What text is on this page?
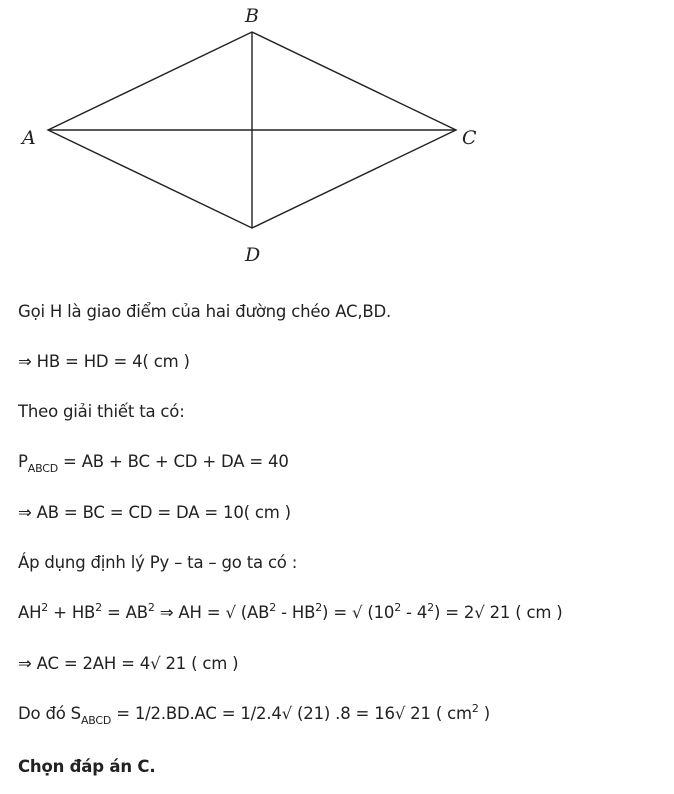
B
A	C
D
Gọi H là giao điểm của hai đường chéo AC,BD.
⇒ HB = HD = 4( cm )
Theo giải thiết ta có:
$P_{ABCD}$ = AB + BC + CD + DA = 40
⇒ AB = BC = CD = DA = 10( cm )
Áp dụng định lý Py – ta – go ta có :
$AH^2 + HB^2 = AB^2$ ⇒ AH = √ $(AB^2 - HB^2)$ = √ $(10^2 - 4^2) = 2√$ 21 ( cm )
⇒ AC = 2AH = 4√ 21 ( cm )
Do đó $S_{ABCD} = 1/2.BD.AC = 1/2.4√$ (21) .8 = 16√ 21 ( $cm^2$ )
Chọn đáp án C.
